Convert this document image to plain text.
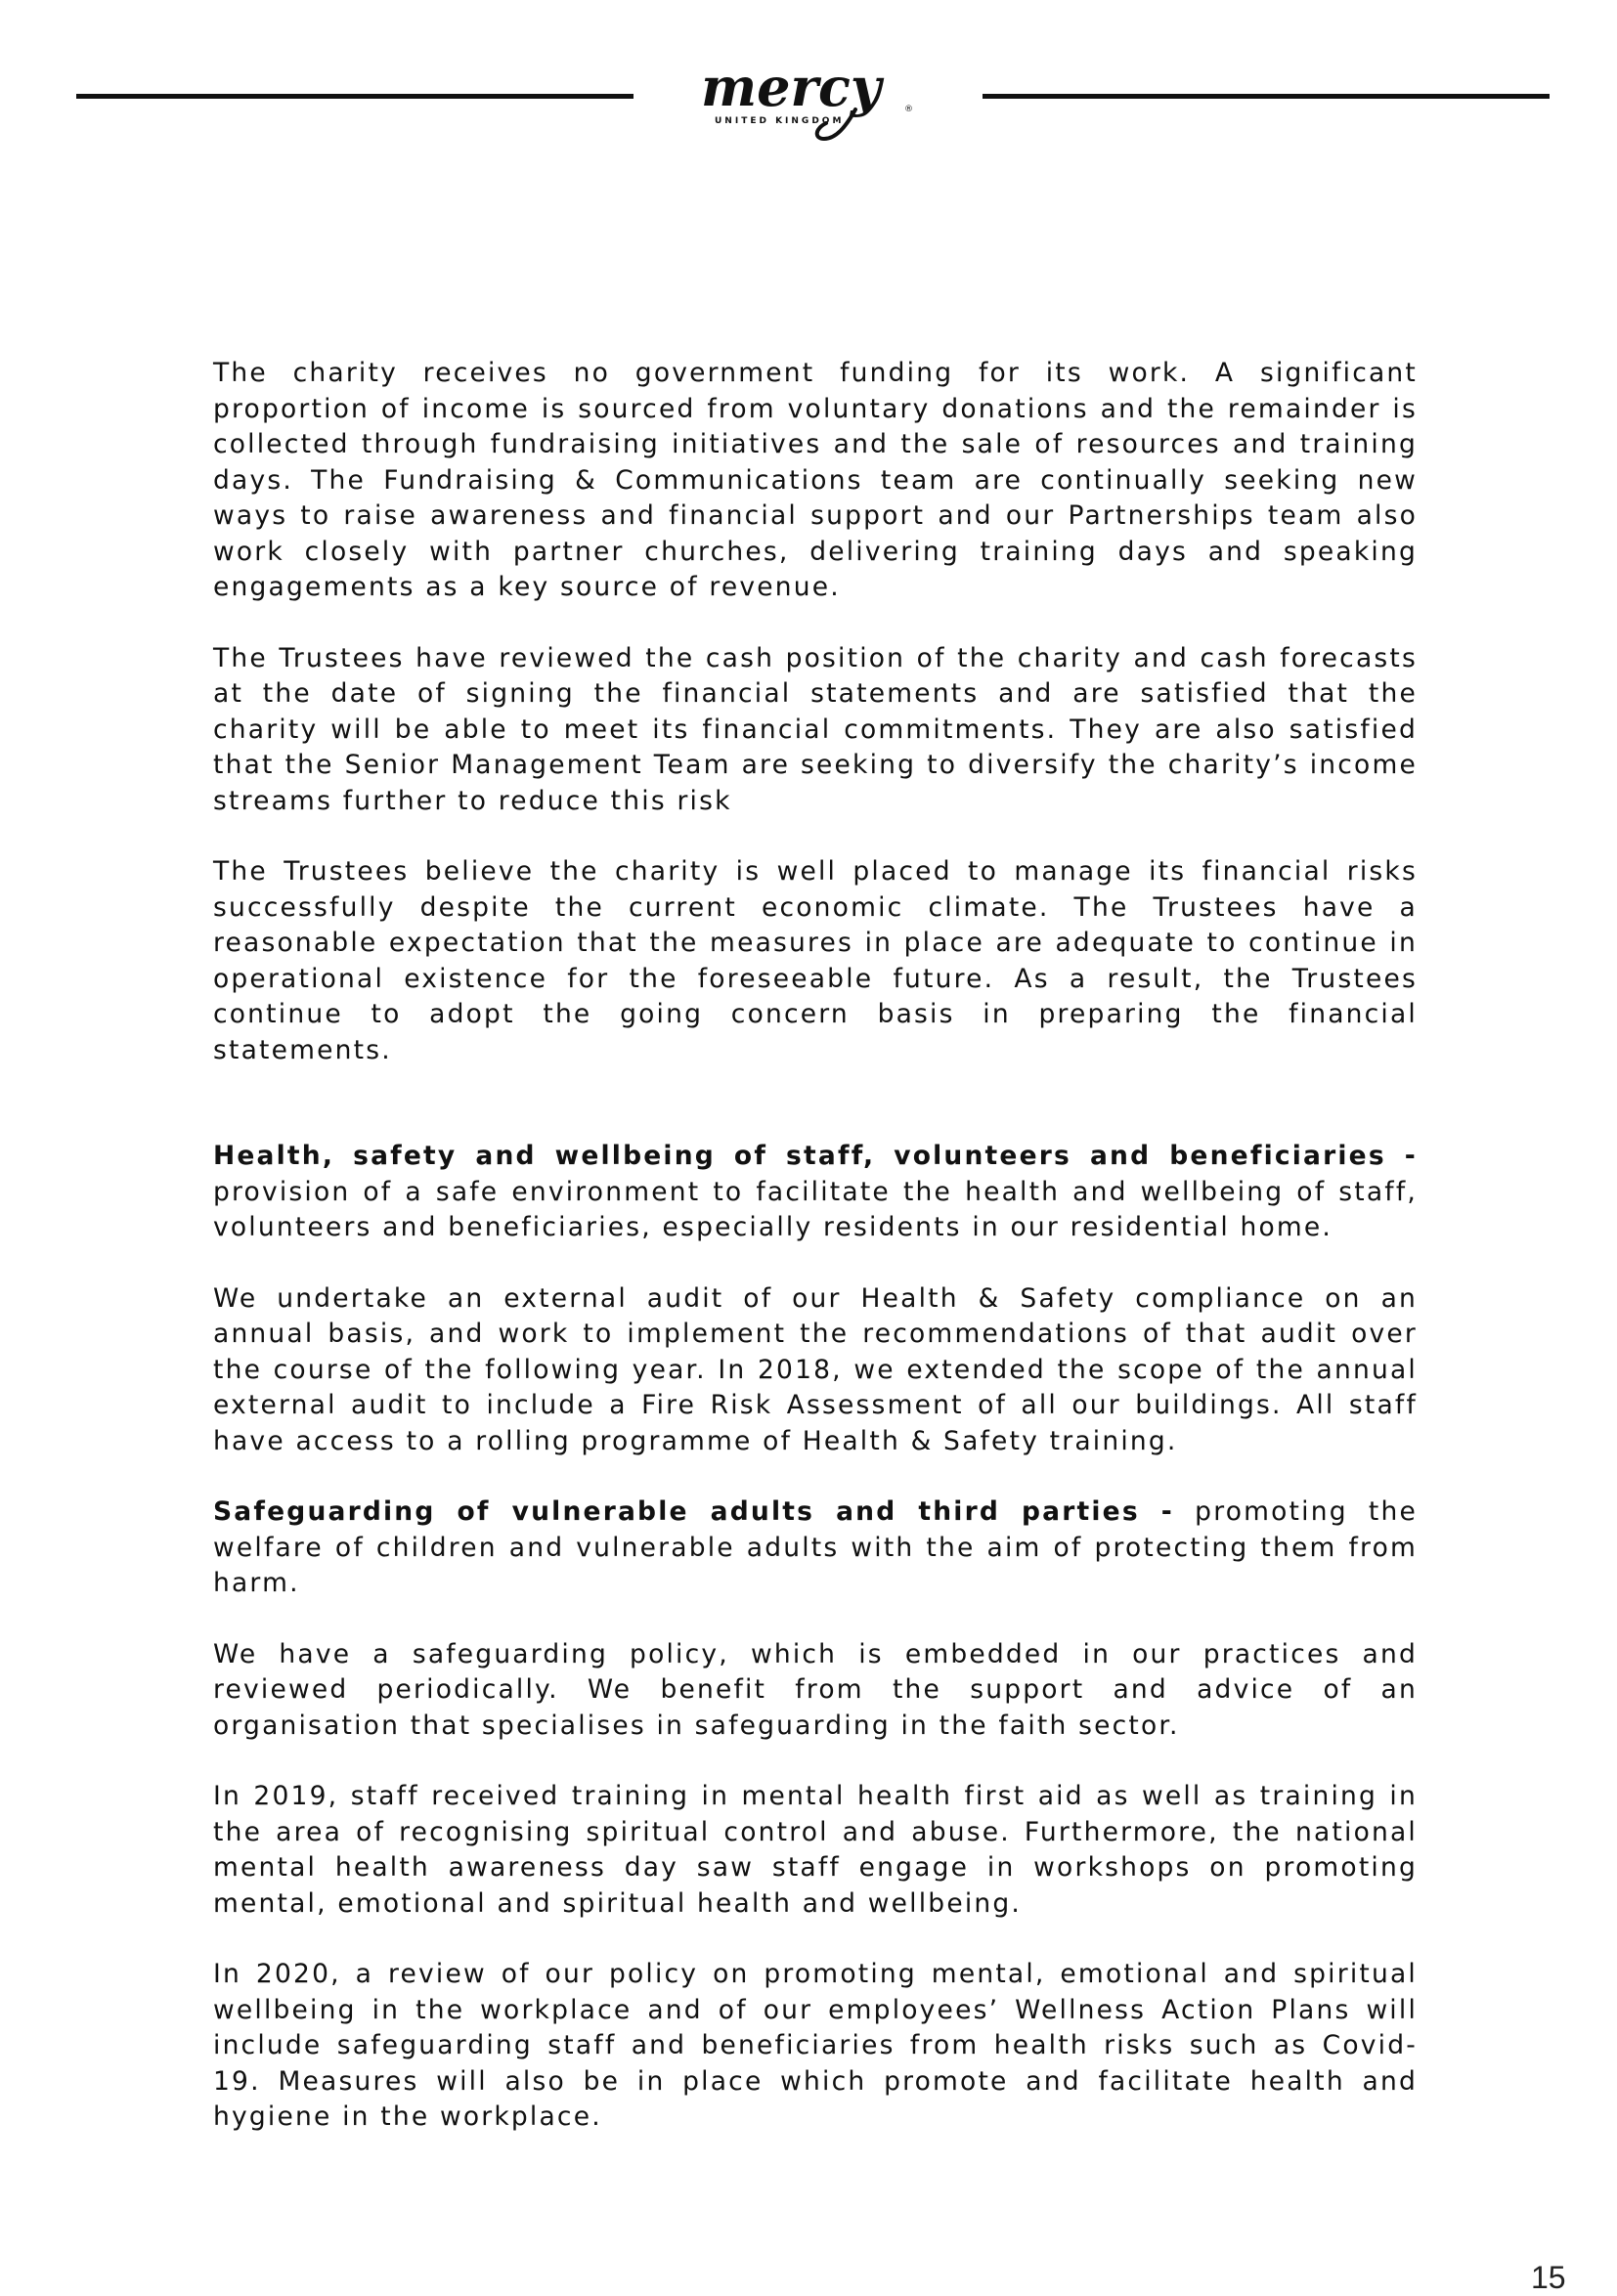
mercy
UNITED KINGDOM
®

The charity receives no government funding for its work. A significant proportion of income is sourced from voluntary donations and the remainder is collected through fundraising initiatives and the sale of resources and training days. The Fundraising & Communications team are continually seeking new ways to raise awareness and financial support and our Partnerships team also work closely with partner churches, delivering training days and speaking engagements as a key source of revenue.

The Trustees have reviewed the cash position of the charity and cash forecasts at the date of signing the financial statements and are satisfied that the charity will be able to meet its financial commitments. They are also satisfied that the Senior Management Team are seeking to diversify the charity’s income streams further to reduce this risk

The Trustees believe the charity is well placed to manage its financial risks successfully despite the current economic climate. The Trustees have a reasonable expectation that the measures in place are adequate to continue in operational existence for the foreseeable future. As a result, the Trustees continue to adopt the going concern basis in preparing the financial statements.

Health, safety and wellbeing of staff, volunteers and beneficiaries - provision of a safe environment to facilitate the health and wellbeing of staff, volunteers and beneficiaries, especially residents in our residential home.

We undertake an external audit of our Health & Safety compliance on an annual basis, and work to implement the recommendations of that audit over the course of the following year. In 2018, we extended the scope of the annual external audit to include a Fire Risk Assessment of all our buildings. All staff have access to a rolling programme of Health & Safety training.

Safeguarding of vulnerable adults and third parties - promoting the welfare of children and vulnerable adults with the aim of protecting them from harm.

We have a safeguarding policy, which is embedded in our practices and reviewed periodically. We benefit from the support and advice of an organisation that specialises in safeguarding in the faith sector.

In 2019, staff received training in mental health first aid as well as training in the area of recognising spiritual control and abuse. Furthermore, the national mental health awareness day saw staff engage in workshops on promoting mental, emotional and spiritual health and wellbeing.

In 2020, a review of our policy on promoting mental, emotional and spiritual wellbeing in the workplace and of our employees’ Wellness Action Plans will include safeguarding staff and beneficiaries from health risks such as Covid-19. Measures will also be in place which promote and facilitate health and hygiene in the workplace.

15
